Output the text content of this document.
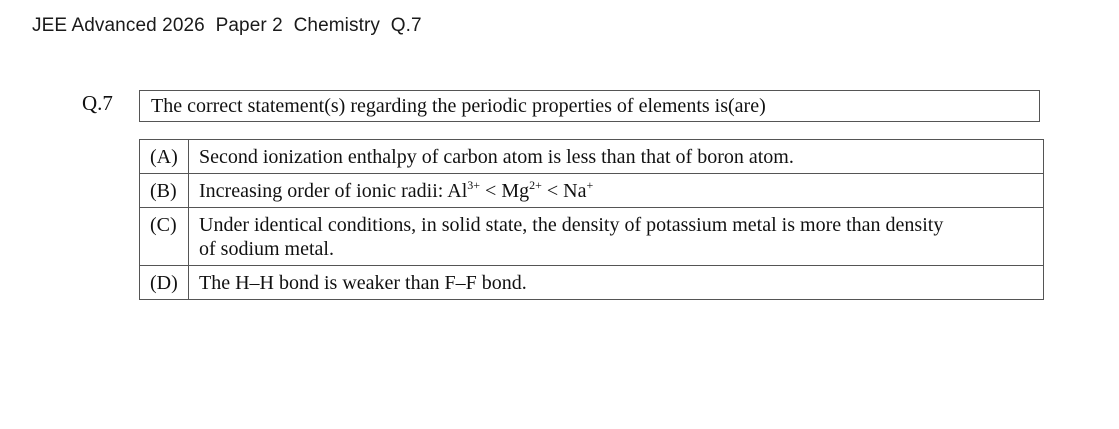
JEE Advanced 2026  Paper 2  Chemistry  Q.7
Q.7	The correct statement(s) regarding the periodic properties of elements is(are)
(A)	Second ionization enthalpy of carbon atom is less than that of boron atom.
(B)	Increasing order of ionic radii: $Al^{3+} < Mg^{2+} < Na^+$
(C)	Under identical conditions, in solid state, the density of potassium metal is more than density
of sodium metal.
(D)	The H–H bond is weaker than F–F bond.
